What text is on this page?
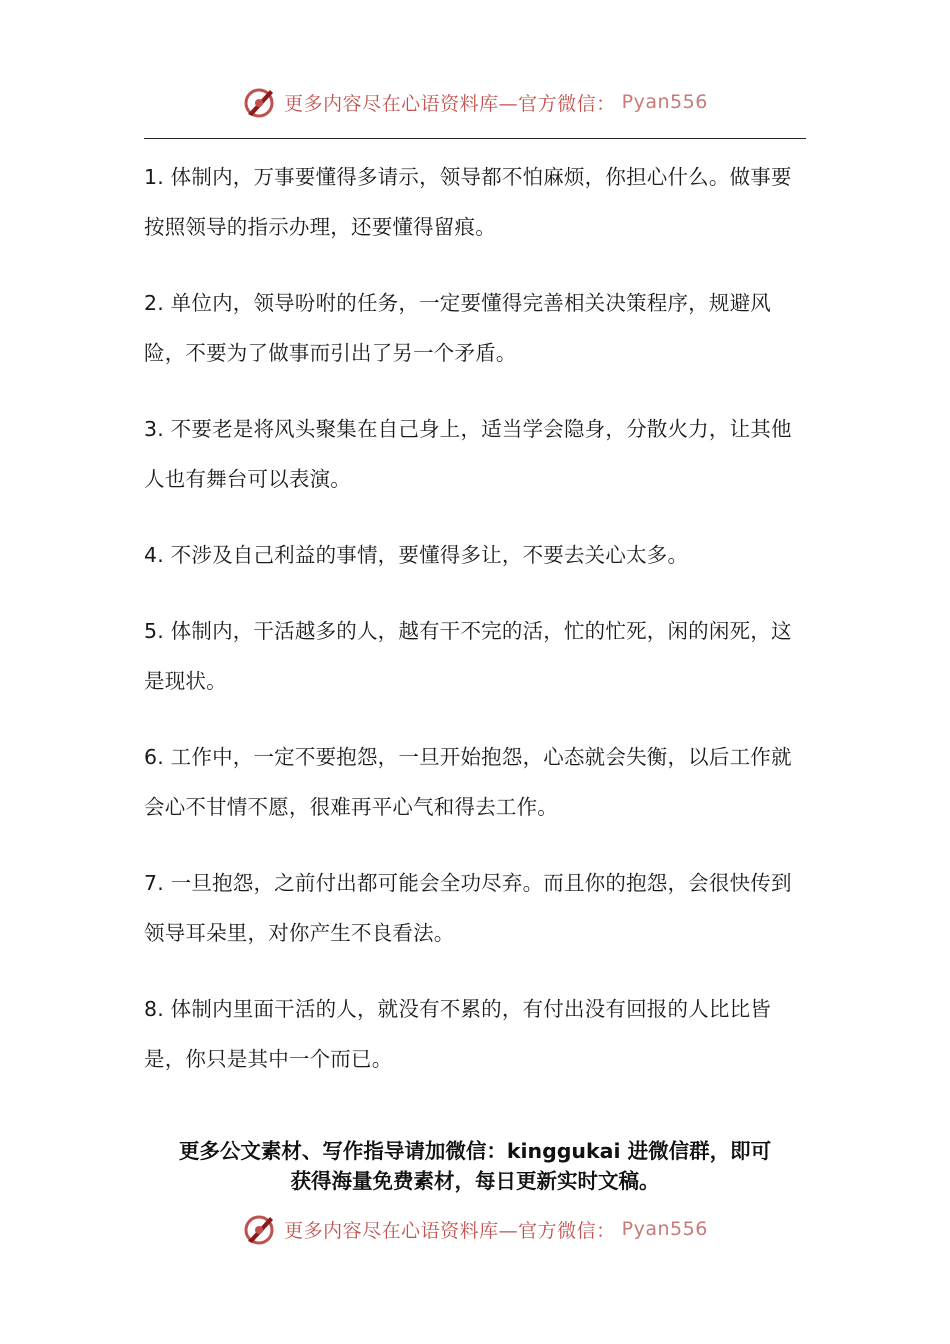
更多内容尽在心语资料库—官方微信： Pyan556

1. 体制内，万事要懂得多请示，领导都不怕麻烦，你担心什么。做事要按照领导的指示办理，还要懂得留痕。

2. 单位内，领导吩咐的任务，一定要懂得完善相关决策程序，规避风险，不要为了做事而引出了另一个矛盾。

3. 不要老是将风头聚集在自己身上，适当学会隐身，分散火力，让其他人也有舞台可以表演。

4. 不涉及自己利益的事情，要懂得多让，不要去关心太多。

5. 体制内，干活越多的人，越有干不完的活，忙的忙死，闲的闲死，这是现状。

6. 工作中，一定不要抱怨，一旦开始抱怨，心态就会失衡，以后工作就会心不甘情不愿，很难再平心气和得去工作。

7. 一旦抱怨，之前付出都可能会全功尽弃。而且你的抱怨，会很快传到领导耳朵里，对你产生不良看法。

8. 体制内里面干活的人，就没有不累的，有付出没有回报的人比比皆是，你只是其中一个而已。

更多公文素材、写作指导请加微信：kinggukai 进微信群，即可
获得海量免费素材，每日更新实时文稿。
更多内容尽在心语资料库—官方微信： Pyan556
